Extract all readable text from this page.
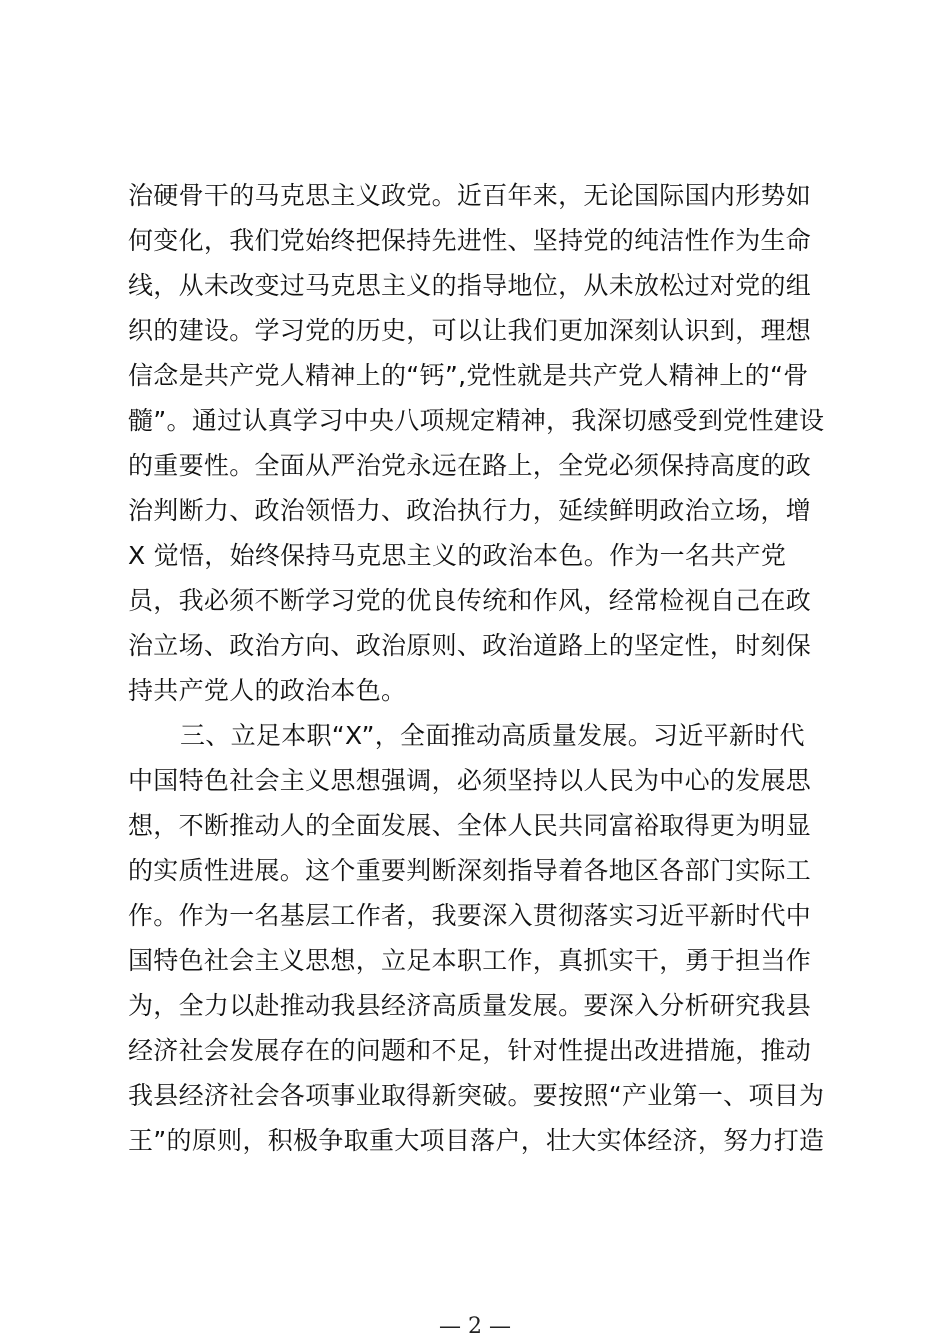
治硬骨干的马克思主义政党。近百年来，无论国际国内形势如
何变化，我们党始终把保持先进性、坚持党的纯洁性作为生命
线，从未改变过马克思主义的指导地位，从未放松过对党的组
织的建设。学习党的历史，可以让我们更加深刻认识到，理想
信念是共产党人精神上的“钙”,党性就是共产党人精神上的“骨
髓”。通过认真学习中央八项规定精神，我深切感受到党性建设
的重要性。全面从严治党永远在路上，全党必须保持高度的政
治判断力、政治领悟力、政治执行力，延续鲜明政治立场，增
X 觉悟，始终保持马克思主义的政治本色。作为一名共产党
员，我必须不断学习党的优良传统和作风，经常检视自己在政
治立场、政治方向、政治原则、政治道路上的坚定性，时刻保
持共产党人的政治本色。
三、立足本职“X”，全面推动高质量发展。习近平新时代
中国特色社会主义思想强调，必须坚持以人民为中心的发展思
想，不断推动人的全面发展、全体人民共同富裕取得更为明显
的实质性进展。这个重要判断深刻指导着各地区各部门实际工
作。作为一名基层工作者，我要深入贯彻落实习近平新时代中
国特色社会主义思想，立足本职工作，真抓实干，勇于担当作
为，全力以赴推动我县经济高质量发展。要深入分析研究我县
经济社会发展存在的问题和不足，针对性提出改进措施，推动
我县经济社会各项事业取得新突破。要按照“产业第一、项目为
王”的原则，积极争取重大项目落户，壮大实体经济，努力打造
— 2 —
